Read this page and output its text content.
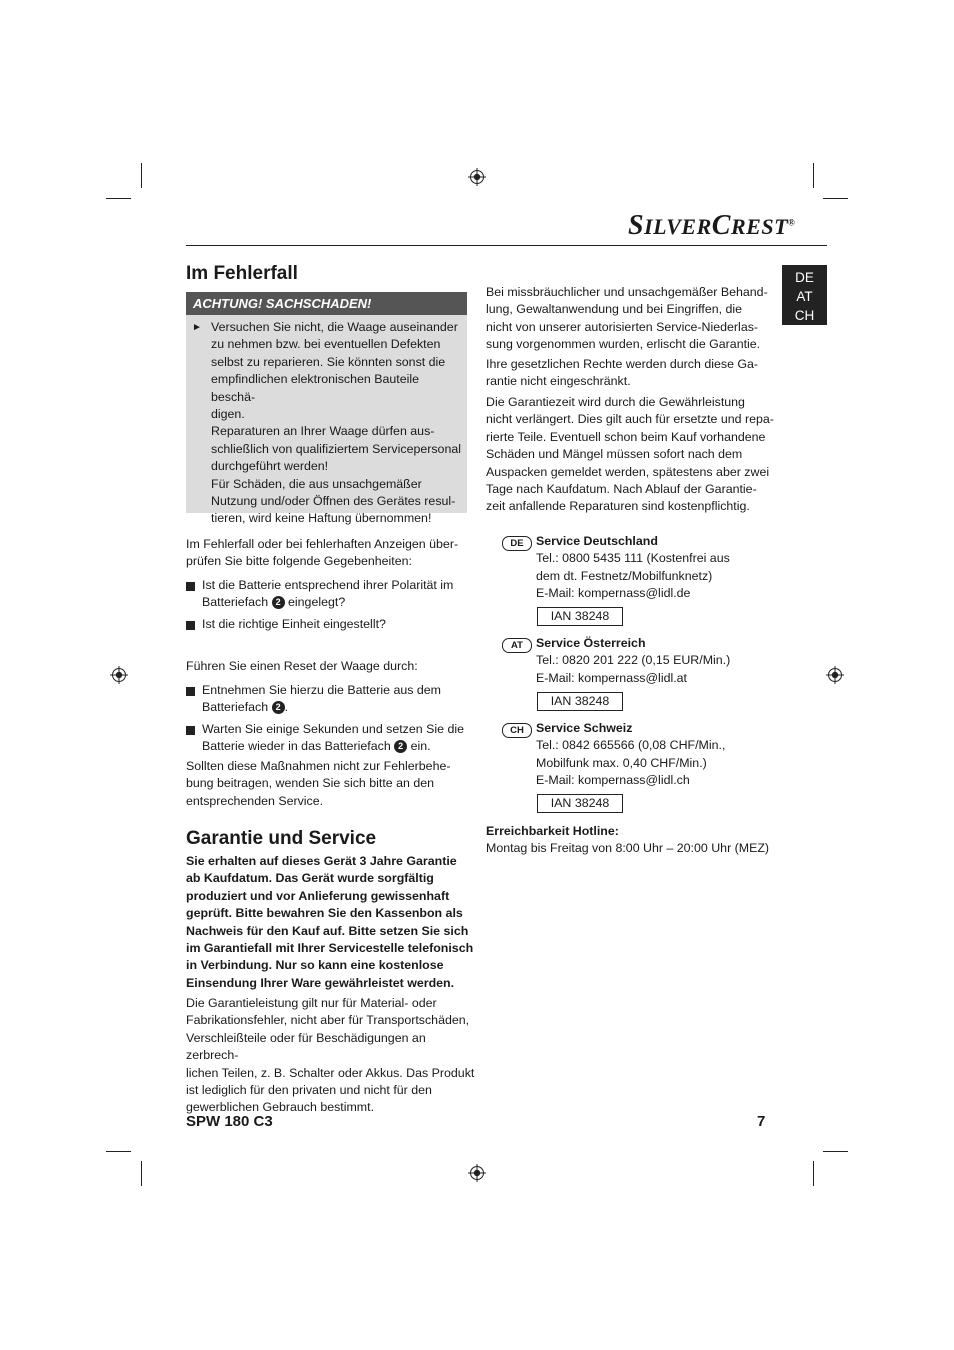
SILVERCREST®
DE
AT
CH
Im Fehlerfall
ACHTUNG! SACHSCHADEN!
► Versuchen Sie nicht, die Waage auseinander
zu nehmen bzw. bei eventuellen Defekten
selbst zu reparieren. Sie könnten sonst die
empfindlichen elektronischen Bauteile beschä-
digen.
Reparaturen an Ihrer Waage dürfen aus-
schließlich von qualifiziertem Servicepersonal
durchgeführt werden!
Für Schäden, die aus unsachgemäßer
Nutzung und/oder Öffnen des Gerätes resul-
tieren, wird keine Haftung übernommen!
Im Fehlerfall oder bei fehlerhaften Anzeigen über-
prüfen Sie bitte folgende Gegebenheiten:
Ist die Batterie entsprechend ihrer Polarität im
Batteriefach 2 eingelegt?
Ist die richtige Einheit eingestellt?
Führen Sie einen Reset der Waage durch:
Entnehmen Sie hierzu die Batterie aus dem
Batteriefach 2 .
Warten Sie einige Sekunden und setzen Sie die
Batterie wieder in das Batteriefach 2 ein.
Sollten diese Maßnahmen nicht zur Fehlerbehe-
bung beitragen, wenden Sie sich bitte an den
entsprechenden Service.
Garantie und Service
Sie erhalten auf dieses Gerät 3 Jahre Garantie
ab Kaufdatum. Das Gerät wurde sorgfältig
produziert und vor Anlieferung gewissenhaft
geprüft. Bitte bewahren Sie den Kassenbon als
Nachweis für den Kauf auf. Bitte setzen Sie sich
im Garantiefall mit Ihrer Servicestelle telefonisch
in Verbindung. Nur so kann eine kostenlose
Einsendung Ihrer Ware gewährleistet werden.
Die Garantieleistung gilt nur für Material- oder
Fabrikationsfehler, nicht aber für Transportschäden,
Verschleißteile oder für Beschädigungen an zerbrech-
lichen Teilen, z. B. Schalter oder Akkus. Das Produkt
ist lediglich für den privaten und nicht für den
gewerblichen Gebrauch bestimmt.
Bei missbräuchlicher und unsachgemäßer Behand-
lung, Gewaltanwendung und bei Eingriffen, die
nicht von unserer autorisierten Service-Niederlas-
sung vorgenommen wurden, erlischt die Garantie.
Ihre gesetzlichen Rechte werden durch diese Ga-
rantie nicht eingeschränkt.
Die Garantiezeit wird durch die Gewährleistung
nicht verlängert. Dies gilt auch für ersetzte und repa-
rierte Teile. Eventuell schon beim Kauf vorhandene
Schäden und Mängel müssen sofort nach dem
Auspacken gemeldet werden, spätestens aber zwei
Tage nach Kaufdatum. Nach Ablauf der Garantie-
zeit anfallende Reparaturen sind kostenpflichtig.
DE	Service Deutschland
Tel.: 0800 5435 111 (Kostenfrei aus
dem dt. Festnetz/Mobilfunknetz)
E-Mail: kompernass@lidl.de
IAN 38248
AT	Service Österreich
Tel.: 0820 201 222 (0,15 EUR/Min.)
E-Mail: kompernass@lidl.at
IAN 38248
CH Service Schweiz
Tel.: 0842 665566 (0,08 CHF/Min.,
Mobilfunk max. 0,40 CHF/Min.)
E-Mail: kompernass@lidl.ch
IAN 38248
Erreichbarkeit Hotline:
Montag bis Freitag von 8:00 Uhr – 20:00 Uhr (MEZ)
SPW 180 C3	7
